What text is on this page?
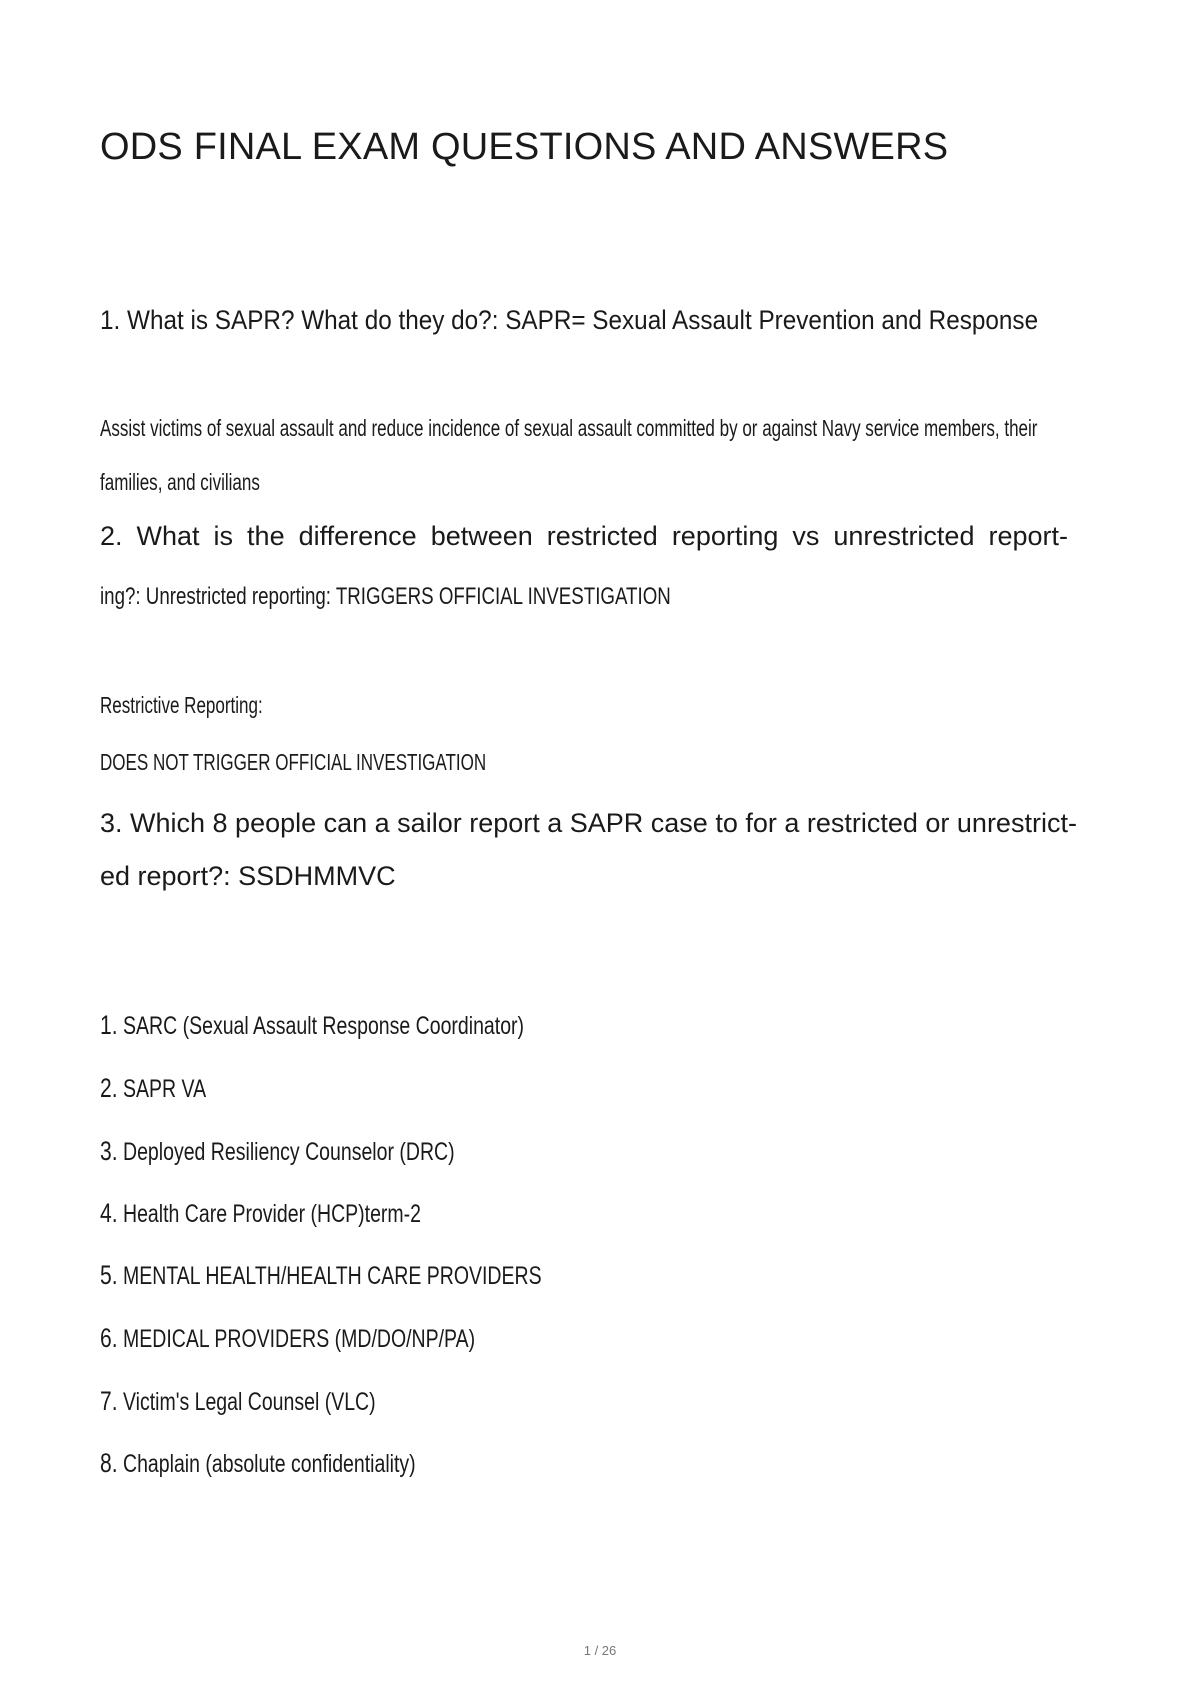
ODS FINAL EXAM QUESTIONS AND ANSWERS
1. What is SAPR? What do they do?: SAPR= Sexual Assault Prevention and Response
Assist victims of sexual assault and reduce incidence of sexual assault committed by or against Navy service members, their
families, and civilians
2. What is the difference between restricted reporting vs unrestricted report-
ing?: Unrestricted reporting: TRIGGERS OFFICIAL INVESTIGATION
Restrictive Reporting:
DOES NOT TRIGGER OFFICIAL INVESTIGATION
3. Which 8 people can a sailor report a SAPR case to for a restricted or unrestrict-
ed report?: SSDHMMVC
1. SARC (Sexual Assault Response Coordinator)
2. SAPR VA
3. Deployed Resiliency Counselor (DRC)
4. Health Care Provider (HCP)term-2
5. MENTAL HEALTH/HEALTH CARE PROVIDERS
6. MEDICAL PROVIDERS (MD/DO/NP/PA)
7. Victim's Legal Counsel (VLC)
8. Chaplain (absolute confidentiality)
1 / 26
